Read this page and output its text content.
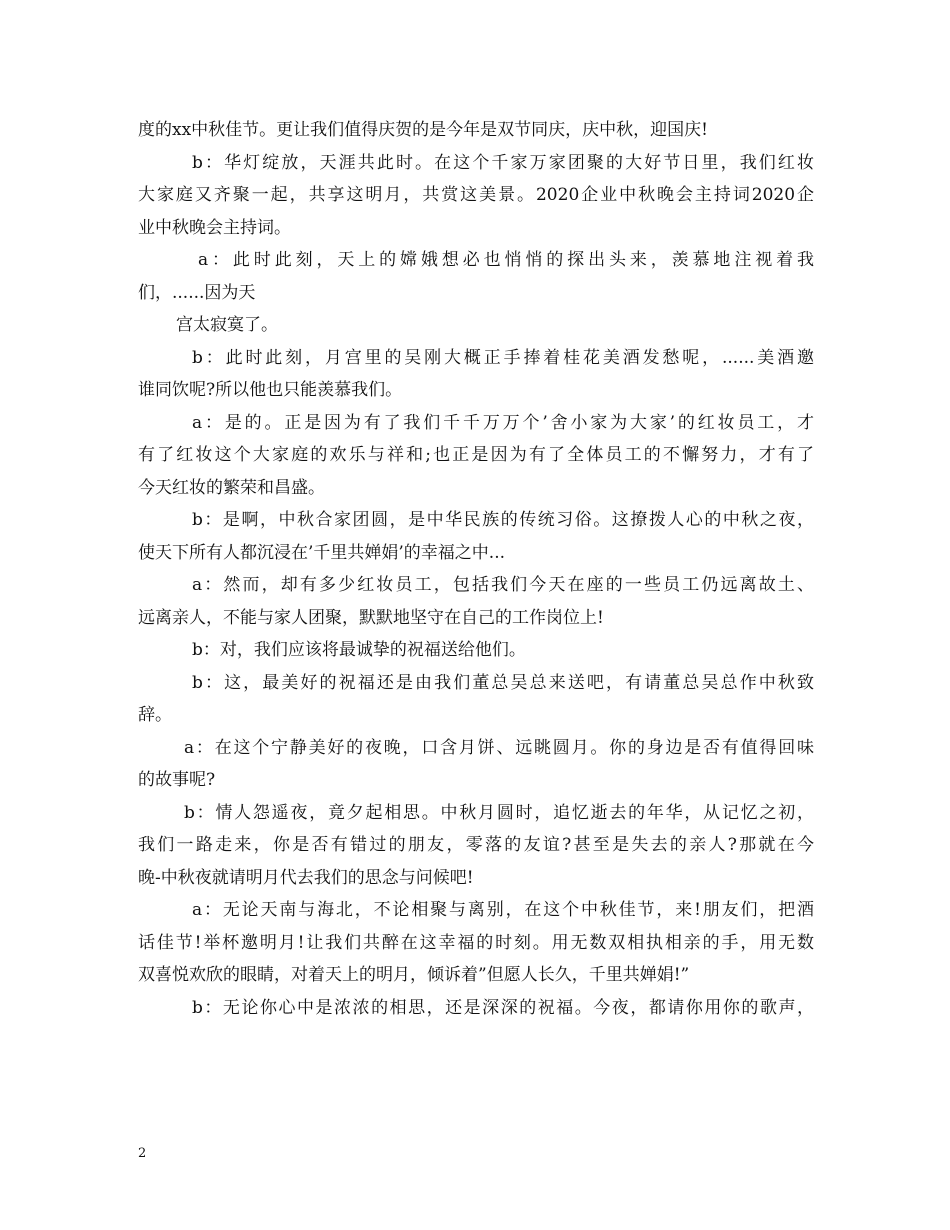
度的xx中秋佳节。更让我们值得庆贺的是今年是双节同庆，庆中秋，迎国庆!
b：华灯绽放，天涯共此时。在这个千家万家团聚的大好节日里，我们红妆
大家庭又齐聚一起，共享这明月，共赏这美景。2020企业中秋晚会主持词2020企
业中秋晚会主持词。
a：此时此刻，天上的嫦娥想必也悄悄的探出头来，羡慕地注视着我
们，......因为天
宫太寂寞了。
b：此时此刻，月宫里的吴刚大概正手捧着桂花美酒发愁呢，......美酒邀
谁同饮呢?所以他也只能羡慕我们。
a：是的。正是因为有了我们千千万万个’舍小家为大家’的红妆员工，才
有了红妆这个大家庭的欢乐与祥和;也正是因为有了全体员工的不懈努力，才有了
今天红妆的繁荣和昌盛。
b：是啊，中秋合家团圆，是中华民族的传统习俗。这撩拨人心的中秋之夜，
使天下所有人都沉浸在’千里共婵娟’的幸福之中...
a：然而，却有多少红妆员工，包括我们今天在座的一些员工仍远离故土、
远离亲人，不能与家人团聚，默默地坚守在自己的工作岗位上!
b：对，我们应该将最诚挚的祝福送给他们。
b：这，最美好的祝福还是由我们董总吴总来送吧，有请董总吴总作中秋致
辞。
a：在这个宁静美好的夜晚，口含月饼、远眺圆月。你的身边是否有值得回味
的故事呢?
b：情人怨遥夜，竟夕起相思。中秋月圆时，追忆逝去的年华，从记忆之初，
我们一路走来，你是否有错过的朋友，零落的友谊?甚至是失去的亲人?那就在今
晚-中秋夜就请明月代去我们的思念与问候吧!
a：无论天南与海北，不论相聚与离别，在这个中秋佳节，来!朋友们，把酒
话佳节!举杯邀明月!让我们共醉在这幸福的时刻。用无数双相执相亲的手，用无数
双喜悦欢欣的眼睛，对着天上的明月，倾诉着”但愿人长久，千里共婵娟!”
b：无论你心中是浓浓的相思，还是深深的祝福。今夜，都请你用你的歌声，
2
